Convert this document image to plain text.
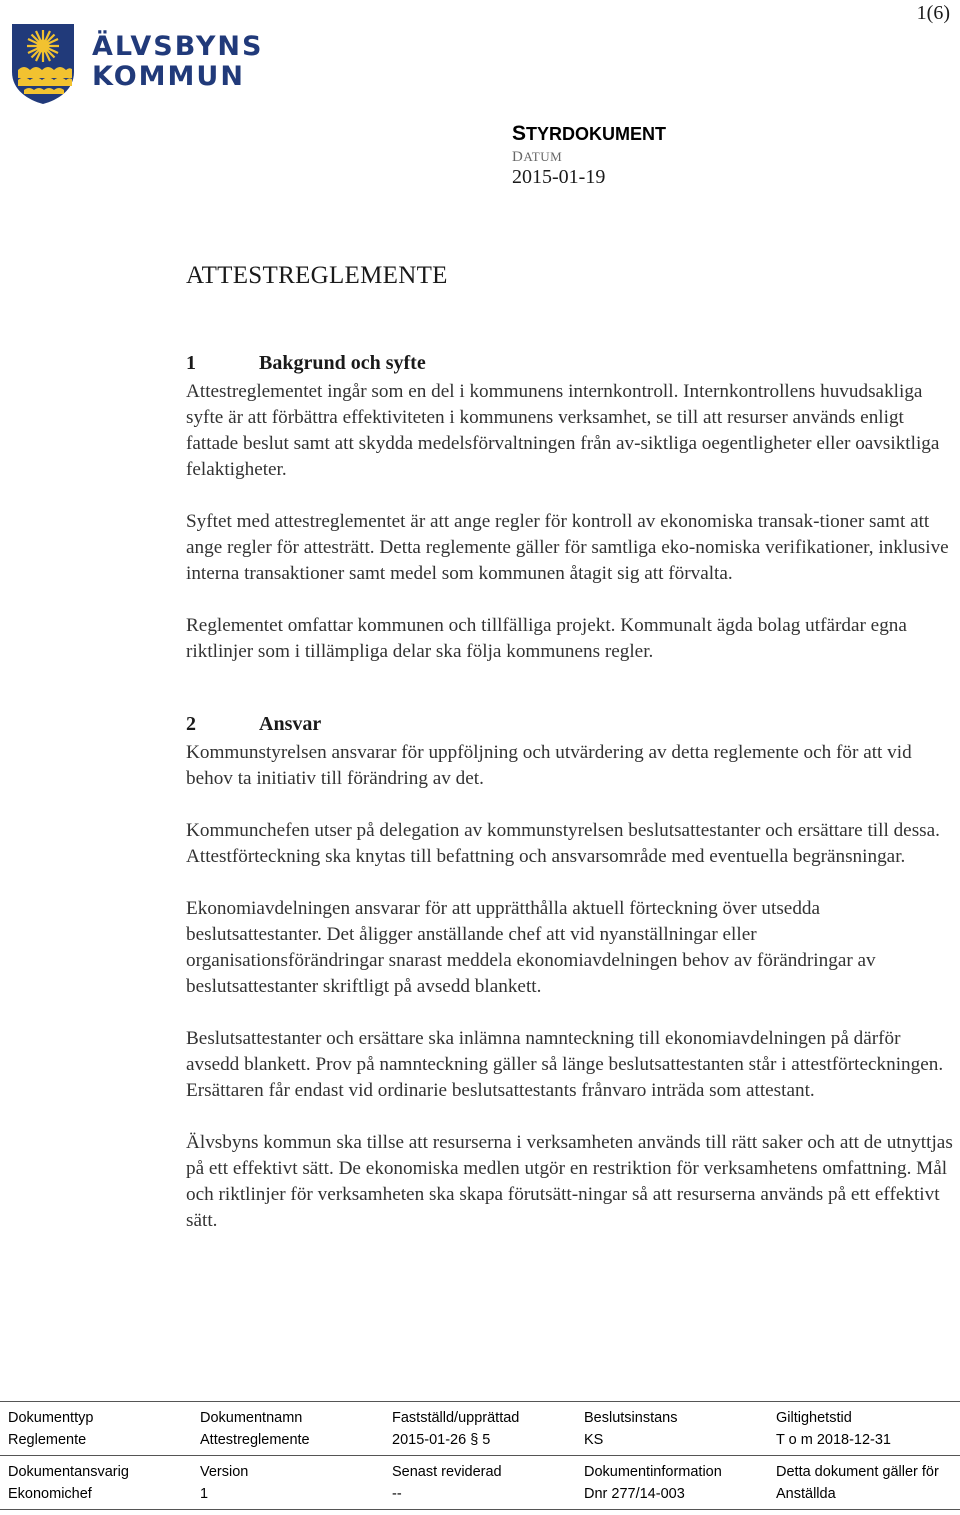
1(6)
ÄLVSBYNS
KOMMUN
STYRDOKUMENT
DATUM
2015-01-19
ATTESTREGLEMENTE
1	Bakgrund och syfte

Attestreglementet ingår som en del i kommunens internkontroll. Internkontrollens huvudsakliga syfte är att förbättra effektiviteten i kommunens verksamhet, se till att resurser används enligt fattade beslut samt att skydda medelsförvaltningen från av-siktliga oegentligheter eller oavsiktliga felaktigheter.

Syftet med attestreglementet är att ange regler för kontroll av ekonomiska transak-tioner samt att ange regler för attesträtt. Detta reglemente gäller för samtliga eko-nomiska verifikationer, inklusive interna transaktioner samt medel som kommunen åtagit sig att förvalta.

Reglementet omfattar kommunen och tillfälliga projekt. Kommunalt ägda bolag utfärdar egna riktlinjer som i tillämpliga delar ska följa kommunens regler.

2	Ansvar

Kommunstyrelsen ansvarar för uppföljning och utvärdering av detta reglemente och för att vid behov ta initiativ till förändring av det.

Kommunchefen utser på delegation av kommunstyrelsen beslutsattestanter och ersättare till dessa. Attestförteckning ska knytas till befattning och ansvarsområde med eventuella begränsningar.

Ekonomiavdelningen ansvarar för att upprätthålla aktuell förteckning över utsedda beslutsattestanter. Det åligger anställande chef att vid nyanställningar eller organisationsförändringar snarast meddela ekonomiavdelningen behov av förändringar av beslutsattestanter skriftligt på avsedd blankett.

Beslutsattestanter och ersättare ska inlämna namnteckning till ekonomiavdelningen på därför avsedd blankett. Prov på namnteckning gäller så länge beslutsattestanten står i attestförteckningen. Ersättaren får endast vid ordinarie beslutsattestants frånvaro inträda som attestant.

Älvsbyns kommun ska tillse att resurserna i verksamheten används till rätt saker och att de utnyttjas på ett effektivt sätt. De ekonomiska medlen utgör en restriktion för verksamhetens omfattning. Mål och riktlinjer för verksamheten ska skapa förutsätt-ningar så att resurserna används på ett effektivt sätt.

Dokumenttyp	Dokumentnamn	Fastställd/upprättad	Beslutsinstans	Giltighetstid
Reglemente	Attestreglemente	2015-01-26 § 5	KS	T o m 2018-12-31
Dokumentansvarig	Version	Senast reviderad	Dokumentinformation	Detta dokument gäller för
Ekonomichef	1	--	Dnr 277/14-003	Anställda
